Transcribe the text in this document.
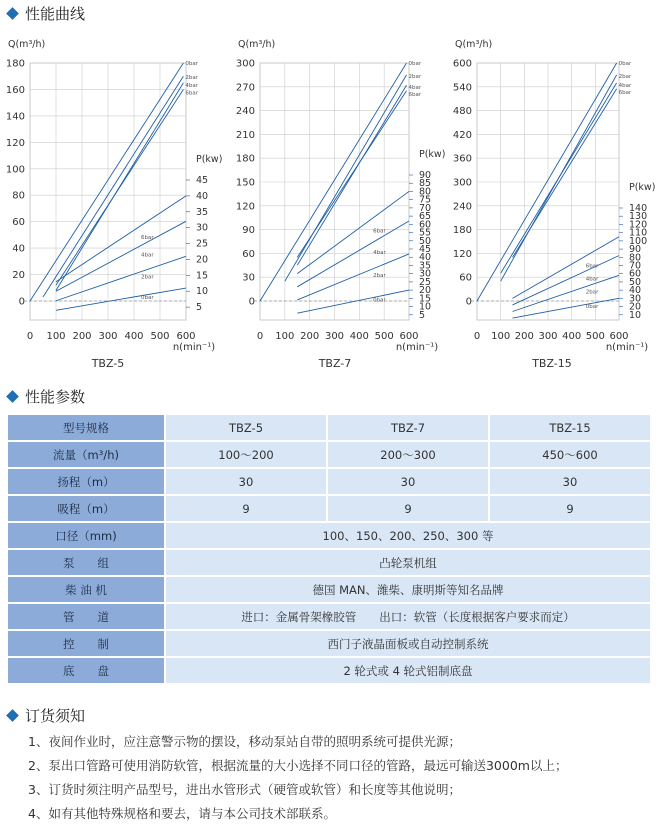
性能曲线
0
20
40
60
80
100
120
140
160
180
0 100 200 300 400 500 600
Q(m³/h)
n(min⁻¹)
TBZ-5
P(kw)
5
10
15
20
25
30
35
40
45
0bar
2bar
4bar
6bar
6bar
4bar
2bar
0bar	0
30
60
90
120
150
180
210
240
270
300
0 100 200 300 400 500 600
Q(m³/h)
n(min⁻¹)
TBZ-7
P(kw)
5
10
15
20
25
30
35
40
45
50
55
60
65
70
75
80
85
90
0bar
2bar
4bar
6bar
6bar
4bar
2bar
0bar	0
60
120
180
240
300
360
420
480
540
600
0 100 200 300 400 500 600
Q(m³/h)
n(min⁻¹)
TBZ-15
P(kw)
10
20
30
40
50
60
70
80
90
100
110
120
130
140
0bar
2bar
4bar
6bar
6bar
4bar
2bar
0bar
性能参数
型号规格	TBZ-5	TBZ-7	TBZ-15
流量（m³/h)	100～200	200～300	450～600
扬程（m）	30	30	30
吸程（m）	9	9	9
口径（mm)	100、150、200、250、300 等		
泵　　组	凸轮泵机组		
柴 油 机	德国 MAN、潍柴、康明斯等知名品牌		
管　　道	进口：金属骨架橡胶管　　出口：软管（长度根据客户要求而定）		
控　　制	西门子液晶面板或自动控制系统		
底　　盘	2 轮式或 4 轮式铝制底盘		
订货须知
1、夜间作业时，应注意警示物的摆设，移动泵站自带的照明系统可提供光源；
2、泵出口管路可使用消防软管，根据流量的大小选择不同口径的管路，最远可输送3000m以上；
3、订货时须注明产品型号，进出水管形式（硬管或软管）和长度等其他说明；
4、如有其他特殊规格和要去，请与本公司技术部联系。
